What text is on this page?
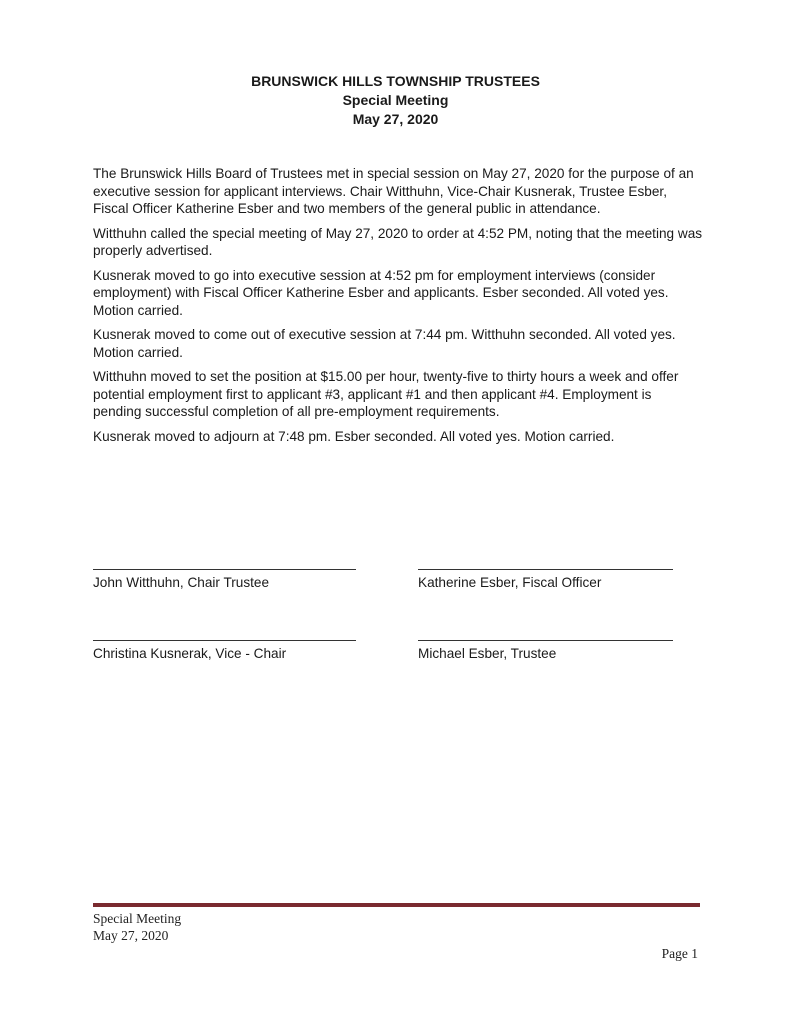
BRUNSWICK HILLS TOWNSHIP TRUSTEES
Special Meeting
May 27, 2020

The Brunswick Hills Board of Trustees met in special session on May 27, 2020 for the purpose of an executive session for applicant interviews. Chair Witthuhn, Vice-Chair Kusnerak, Trustee Esber, Fiscal Officer Katherine Esber and two members of the general public in attendance.

Witthuhn called the special meeting of May 27, 2020 to order at 4:52 PM, noting that the meeting was properly advertised.

Kusnerak moved to go into executive session at 4:52 pm for employment interviews (consider employment) with Fiscal Officer Katherine Esber and applicants. Esber seconded. All voted yes. Motion carried.

Kusnerak moved to come out of executive session at 7:44 pm. Witthuhn seconded. All voted yes. Motion carried.

Witthuhn moved to set the position at $15.00 per hour, twenty-five to thirty hours a week and offer potential employment first to applicant #3, applicant #1 and then applicant #4. Employment is pending successful completion of all pre-employment requirements.

Kusnerak moved to adjourn at 7:48 pm. Esber seconded. All voted yes. Motion carried.

John Witthuhn, Chair Trustee	Katherine Esber, Fiscal Officer
Christina Kusnerak, Vice - Chair	Michael Esber, Trustee
Special Meeting
May 27, 2020
Page 1
